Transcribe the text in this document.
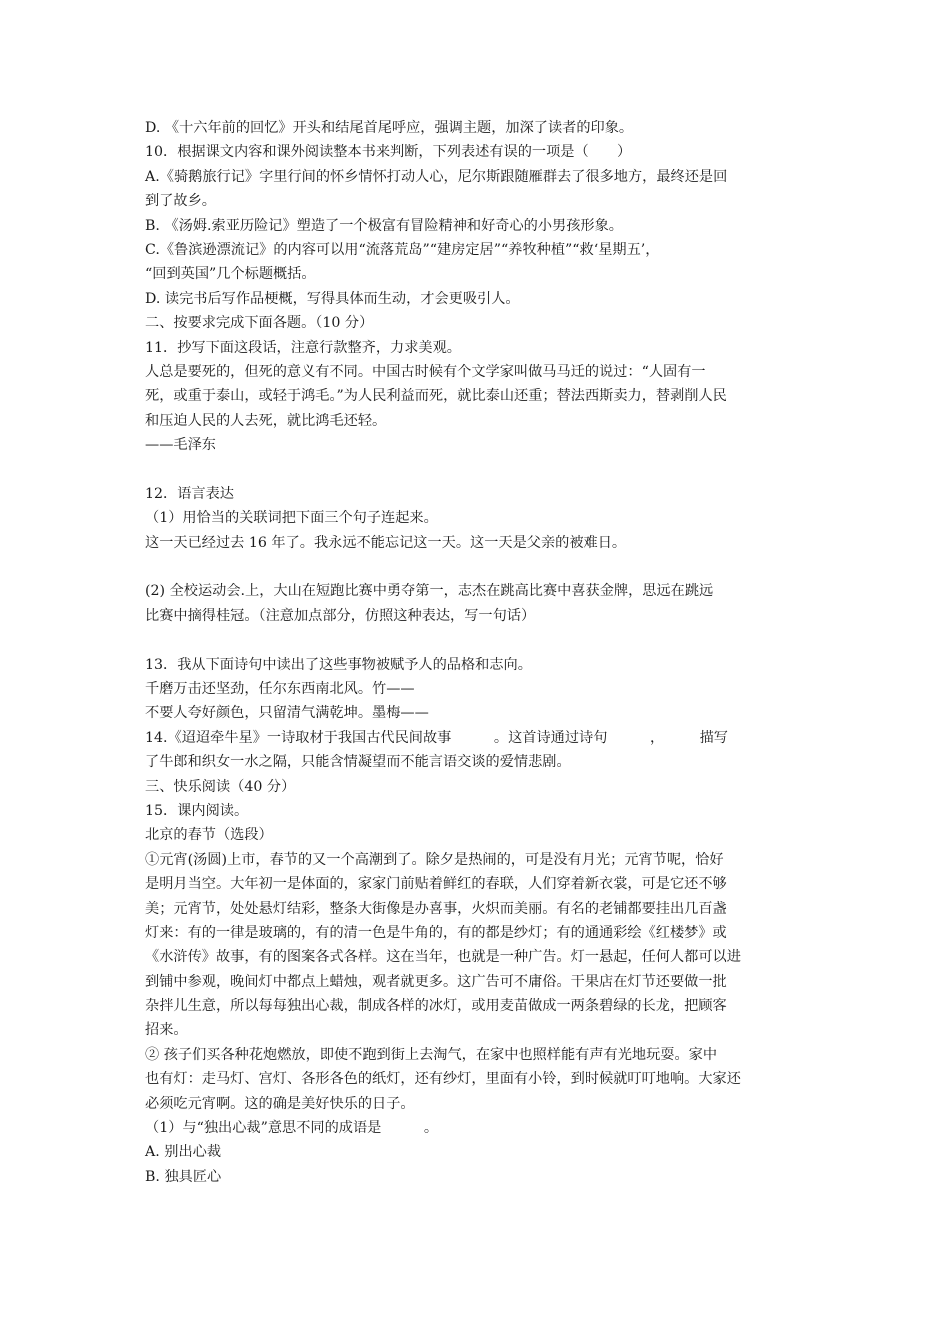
D. 《十六年前的回忆》开头和结尾首尾呼应，强调主题，加深了读者的印象。
10．根据课文内容和课外阅读整本书来判断，下列表述有误的一项是（　　）
A.《骑鹅旅行记》字里行间的怀乡情怀打动人心，尼尔斯跟随雁群去了很多地方，最终还是回
到了故乡。
B. 《汤姆.索亚历险记》塑造了一个极富有冒险精神和好奇心的小男孩形象。
C.《鲁滨逊漂流记》的内容可以用“流落荒岛”“建房定居”“养牧种植”“救‘星期五’，
“回到英国”几个标题概括。
D. 读完书后写作品梗概，写得具体而生动，才会更吸引人。
二、按要求完成下面各题。（10 分）
11．抄写下面这段话，注意行款整齐，力求美观。
人总是要死的，但死的意义有不同。中国古时候有个文学家叫做马马迁的说过：“人固有一
死，或重于泰山，或轻于鸿毛。”为人民利益而死，就比泰山还重；替法西斯卖力，替剥削人民
和压迫人民的人去死，就比鸿毛还轻。
——毛泽东
12．语言表达
（1）用恰当的关联词把下面三个句子连起来。
这一天已经过去 16 年了。我永远不能忘记这一天。这一天是父亲的被难日。
(2) 全校运动会.上，大山在短跑比赛中勇夺第一，志杰在跳高比赛中喜获金牌，思远在跳远
比赛中摘得桂冠。（注意加点部分，仿照这种表达，写一句话）
13．我从下面诗句中读出了这些事物被赋予人的品格和志向。
千磨万击还坚劲，任尔东西南北风。竹——
不要人夸好颜色，只留清气满乾坤。墨梅——
14.《迢迢牵牛星》一诗取材于我国古代民间故事　　　。这首诗通过诗句　　　，　　　描写
了牛郎和织女一水之隔，只能含情凝望而不能言语交谈的爱情悲剧。
三、快乐阅读（40 分）
15．课内阅读。
北京的春节（选段）
①元宵(汤圆)上市，春节的又一个高潮到了。除夕是热闹的，可是没有月光；元宵节呢，恰好
是明月当空。大年初一是体面的，家家门前贴着鲜红的春联，人们穿着新衣裳，可是它还不够
美；元宵节，处处悬灯结彩，整条大街像是办喜事，火炽而美丽。有名的老铺都要挂出几百盏
灯来：有的一律是玻璃的，有的清一色是牛角的，有的都是纱灯；有的通通彩绘《红楼梦》或
《水浒传》故事，有的图案各式各样。这在当年，也就是一种广告。灯一悬起，任何人都可以进
到铺中参观，晚间灯中都点上蜡烛，观者就更多。这广告可不庸俗。干果店在灯节还要做一批
杂拌儿生意，所以每每独出心裁，制成各样的冰灯，或用麦苗做成一两条碧绿的长龙，把顾客
招来。
② 孩子们买各种花炮燃放，即使不跑到街上去淘气，在家中也照样能有声有光地玩耍。家中
也有灯：走马灯、宫灯、各形各色的纸灯，还有纱灯，里面有小铃，到时候就叮叮地响。大家还
必须吃元宵啊。这的确是美好快乐的日子。
（1）与“独出心裁”意思不同的成语是　　　。
A. 别出心裁
B. 独具匠心
